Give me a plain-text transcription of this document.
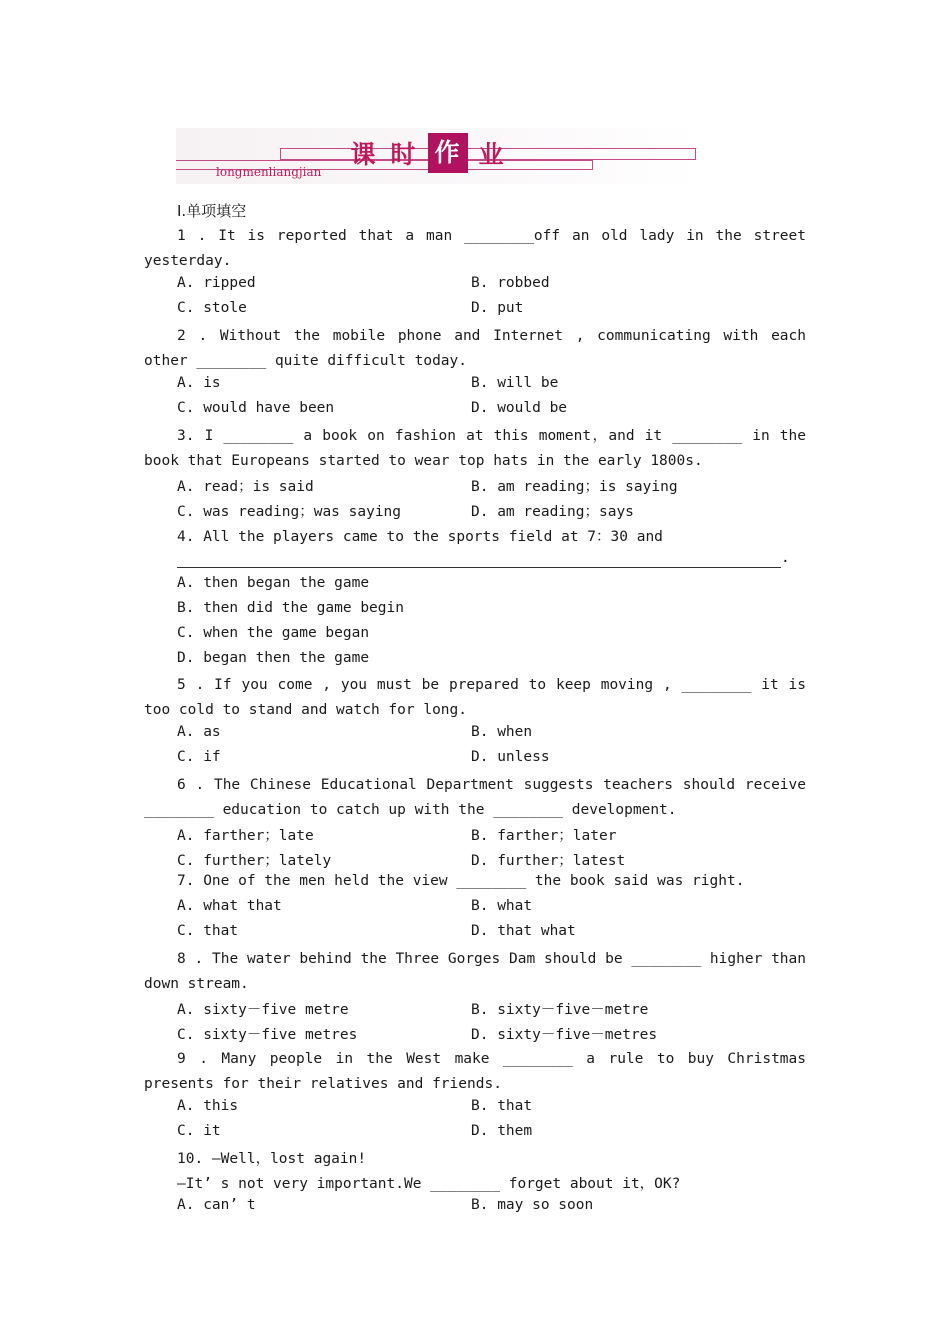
课 时 作 业
longmenliangjian
Ⅰ.单项填空
1 . It is reported that a man ________off an old lady in the street yesterday.
A. ripped	B. robbed
C. stole	D. put
2 . Without the mobile phone and Internet , communicating with each other ________ quite difficult today.
A. is	B. will be
C. would have been	D. would be
3. I ________ a book on fashion at this moment，and it ________ in the book that Europeans started to wear top hats in the early 1800s.
A. read；is said	B. am reading；is saying
C. was reading；was saying	D. am reading；says
4. All the players came to the sports field at 7：30 and
.
A. then began the game
B. then did the game begin
C. when the game began
D. began then the game
5 . If you come , you must be prepared to keep moving , ________ it is too cold to stand and watch for long.
A. as	B. when
C. if	D. unless
6 . The Chinese Educational Department suggests teachers should receive ________ education to catch up with the ________ development.
A. farther；late	B. farther；later
C. further；lately	D. further；latest
7. One of the men held the view ________ the book said was right.
A. what that	B. what
C. that	D. that what
8 . The water behind the Three Gorges Dam should be ________ higher than down stream.
A. sixty－five metre	B. sixty－five－metre
C. sixty－five metres	D. sixty－five－metres
9 . Many people in the West make ________ a rule to buy Christmas presents for their relatives and friends.
A. this	B. that
C. it	D. them
10. —Well，lost again!
—It’ s not very important.We ________ forget about it，OK?
A. can’ t	B. may so soon
